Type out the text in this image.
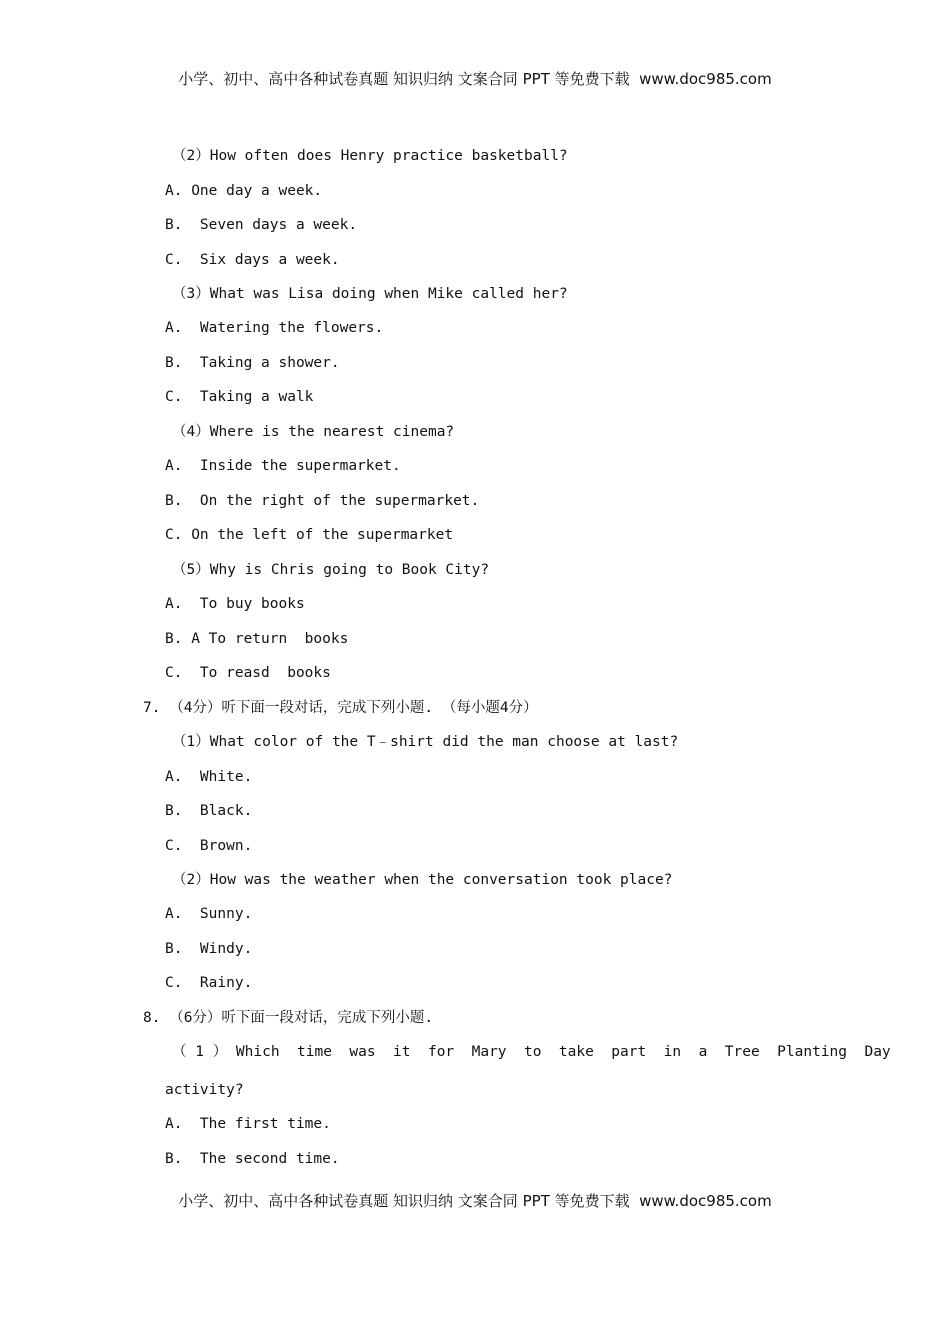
小学、初中、高中各种试卷真题 知识归纳 文案合同 PPT 等免费下载  www.doc985.com
（2）How often does Henry practice basketball?
A. One day a week.
B.  Seven days a week.
C.  Six days a week.
（3）What was Lisa doing when Mike called her?
A.  Watering the flowers.
B.  Taking a shower.
C.  Taking a walk
（4）Where is the nearest cinema?
A.  Inside the supermarket.
B.  On the right of the supermarket.
C. On the left of the supermarket
（5）Why is Chris going to Book City?
A.  To buy books
B. A To return  books
C.  To reasd  books
7. （4分）听下面一段对话，完成下列小题. （每小题4分）
（1）What color of the T﹣shirt did the man choose at last?
A.  White.
B.  Black.
C.  Brown.
（2）How was the weather when the conversation took place?
A.  Sunny.
B.  Windy.
C.  Rainy.
8. （6分）听下面一段对话，完成下列小题.
（ 1 ） Which  time  was  it  for  Mary  to  take  part  in  a  Tree  Planting  Day
activity?
A.  The first time.
B.  The second time.
小学、初中、高中各种试卷真题 知识归纳 文案合同 PPT 等免费下载  www.doc985.com
